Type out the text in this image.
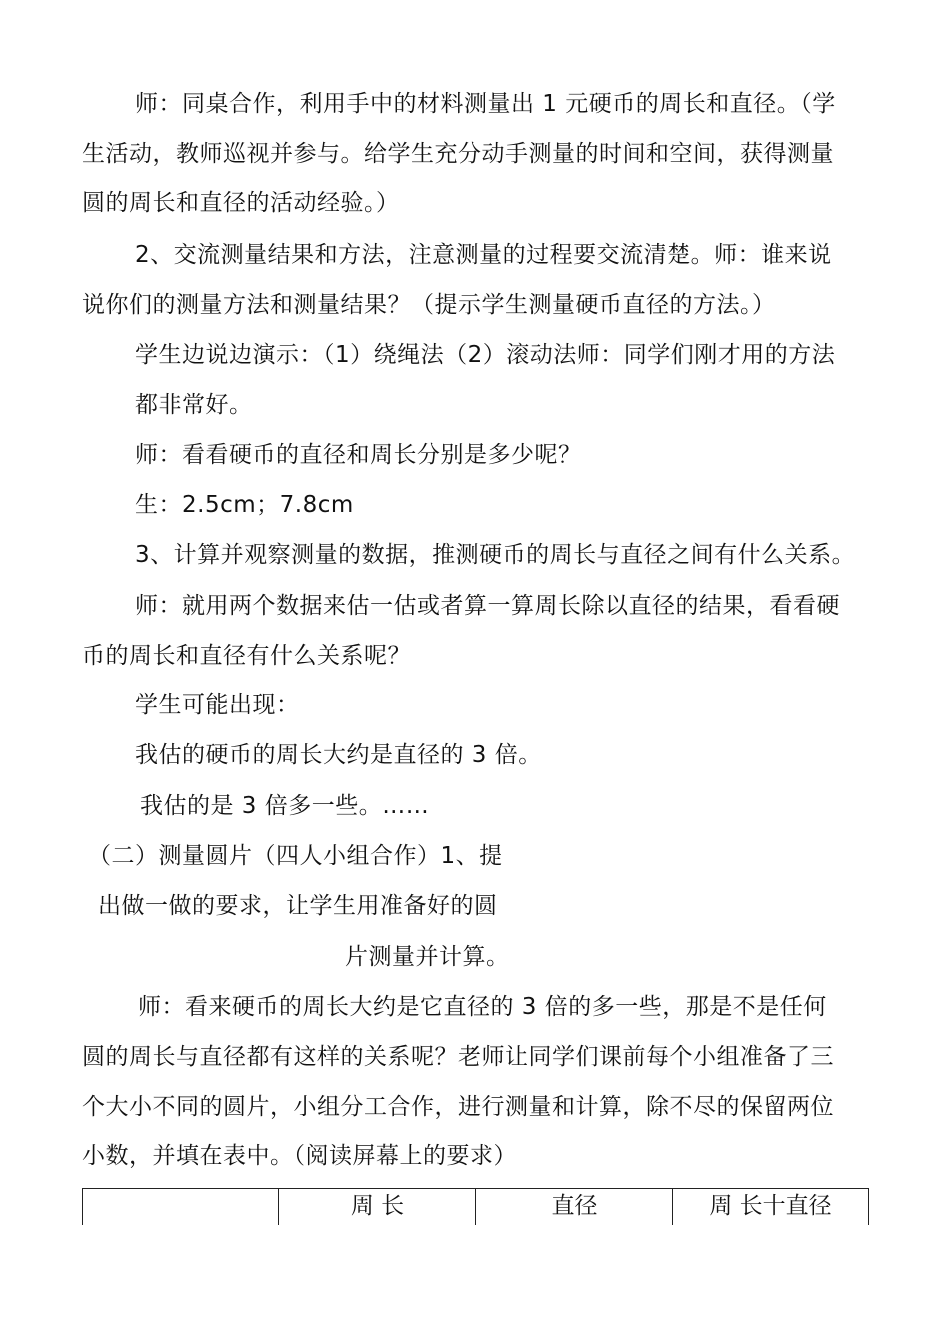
师：同桌合作，利用手中的材料测量出 1 元硬币的周长和直径。（学
生活动，教师巡视并参与。给学生充分动手测量的时间和空间，获得测量
圆的周长和直径的活动经验。）
2、交流测量结果和方法，注意测量的过程要交流清楚。师：谁来说
说你们的测量方法和测量结果？（提示学生测量硬币直径的方法。）
学生边说边演示：（1）绕绳法（2）滚动法师：同学们刚才用的方法
都非常好。
师：看看硬币的直径和周长分别是多少呢？
生：2.5cm；7.8cm
3、计算并观察测量的数据，推测硬币的周长与直径之间有什么关系。
师：就用两个数据来估一估或者算一算周长除以直径的结果，看看硬
币的周长和直径有什么关系呢？
学生可能出现：
我估的硬币的周长大约是直径的 3 倍。
我估的是 3 倍多一些。……
（二）测量圆片（四人小组合作）1、提
出做一做的要求，让学生用准备好的圆
片测量并计算。
师：看来硬币的周长大约是它直径的 3 倍的多一些，那是不是任何
圆的周长与直径都有这样的关系呢？老师让同学们课前每个小组准备了三
个大小不同的圆片，小组分工合作，进行测量和计算，除不尽的保留两位
小数，并填在表中。（阅读屏幕上的要求）
周 长	直径	周 长十直径
